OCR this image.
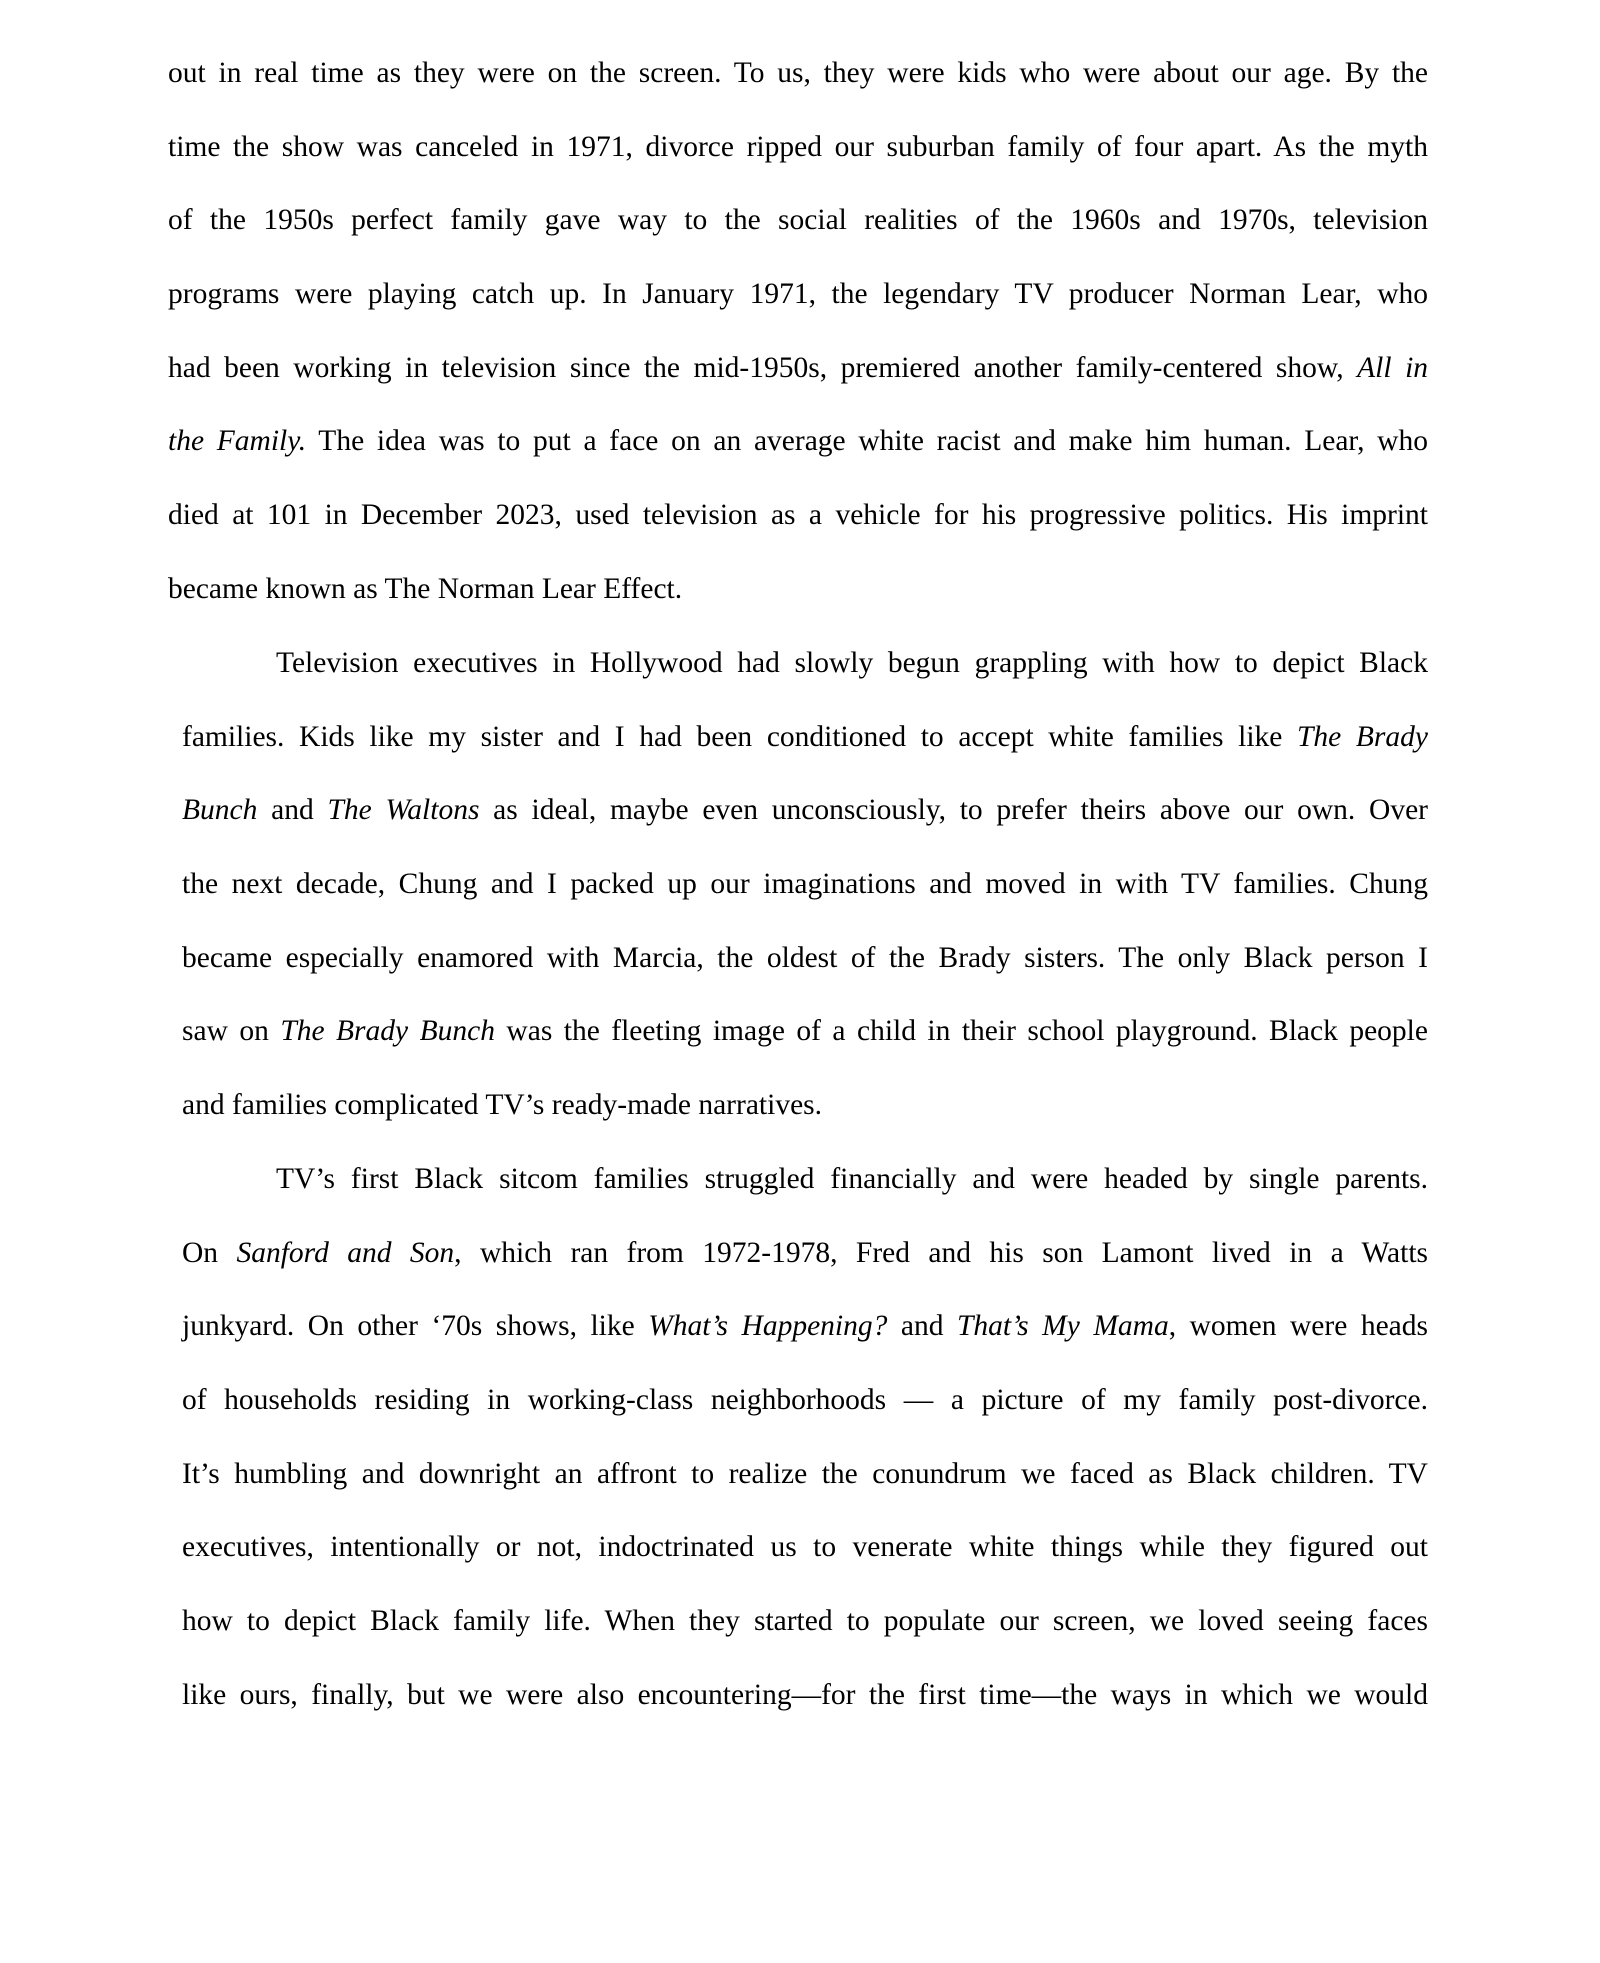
out in real time as they were on the screen. To us, they were kids who were about our age. By the
time the show was canceled in 1971, divorce ripped our suburban family of four apart. As the myth
of the 1950s perfect family gave way to the social realities of the 1960s and 1970s, television
programs were playing catch up. In January 1971, the legendary TV producer Norman Lear, who
had been working in television since the mid-1950s, premiered another family-centered show, All in
the Family. The idea was to put a face on an average white racist and make him human. Lear, who
died at 101 in December 2023, used television as a vehicle for his progressive politics. His imprint
became known as The Norman Lear Effect.
Television executives in Hollywood had slowly begun grappling with how to depict Black
families. Kids like my sister and I had been conditioned to accept white families like The Brady
Bunch and The Waltons as ideal, maybe even unconsciously, to prefer theirs above our own. Over
the next decade, Chung and I packed up our imaginations and moved in with TV families. Chung
became especially enamored with Marcia, the oldest of the Brady sisters. The only Black person I
saw on The Brady Bunch was the fleeting image of a child in their school playground. Black people
and families complicated TV’s ready-made narratives.
TV’s first Black sitcom families struggled financially and were headed by single parents.
On Sanford and Son, which ran from 1972-1978, Fred and his son Lamont lived in a Watts
junkyard. On other ‘70s shows, like What’s Happening? and That’s My Mama, women were heads
of households residing in working-class neighborhoods — a picture of my family post-divorce.
It’s humbling and downright an affront to realize the conundrum we faced as Black children. TV
executives, intentionally or not, indoctrinated us to venerate white things while they figured out
how to depict Black family life. When they started to populate our screen, we loved seeing faces
like ours, finally, but we were also encountering—for the first time—the ways in which we would
